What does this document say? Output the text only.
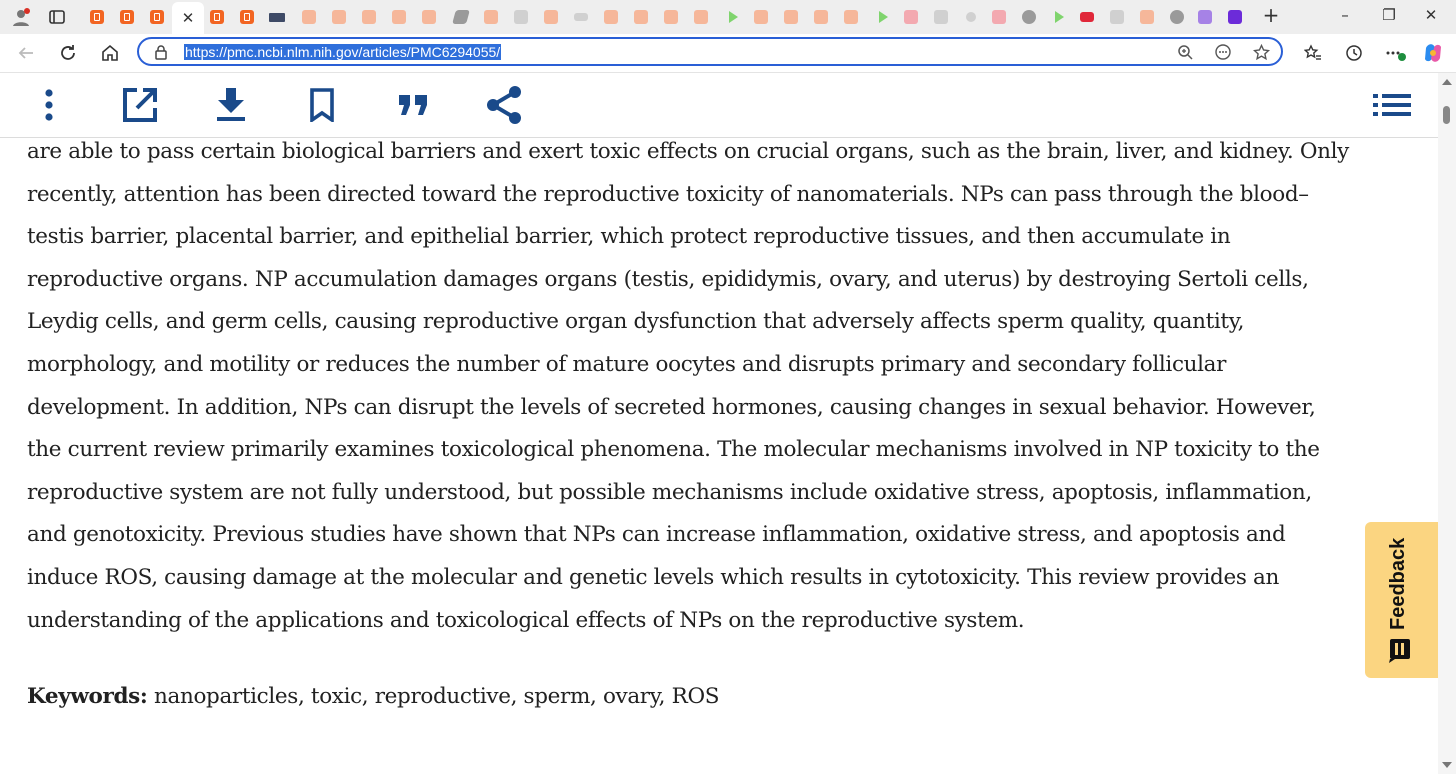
✕	+	–	❐	✕
https://pmc.ncbi.nlm.nih.gov/articles/PMC6294055/

are able to pass certain biological barriers and exert toxic effects on crucial organs, such as the brain, liver, and kidney. Only

recently, attention has been directed toward the reproductive toxicity of nanomaterials. NPs can pass through the blood–

testis barrier, placental barrier, and epithelial barrier, which protect reproductive tissues, and then accumulate in

reproductive organs. NP accumulation damages organs (testis, epididymis, ovary, and uterus) by destroying Sertoli cells,

Leydig cells, and germ cells, causing reproductive organ dysfunction that adversely affects sperm quality, quantity,

morphology, and motility or reduces the number of mature oocytes and disrupts primary and secondary follicular

development. In addition, NPs can disrupt the levels of secreted hormones, causing changes in sexual behavior. However,

the current review primarily examines toxicological phenomena. The molecular mechanisms involved in NP toxicity to the

reproductive system are not fully understood, but possible mechanisms include oxidative stress, apoptosis, inflammation,

and genotoxicity. Previous studies have shown that NPs can increase inflammation, oxidative stress, and apoptosis and

induce ROS, causing damage at the molecular and genetic levels which results in cytotoxicity. This review provides an

understanding of the applications and toxicological effects of NPs on the reproductive system.

Keywords: nanoparticles, toxic, reproductive, sperm, ovary, ROS
Feedback
